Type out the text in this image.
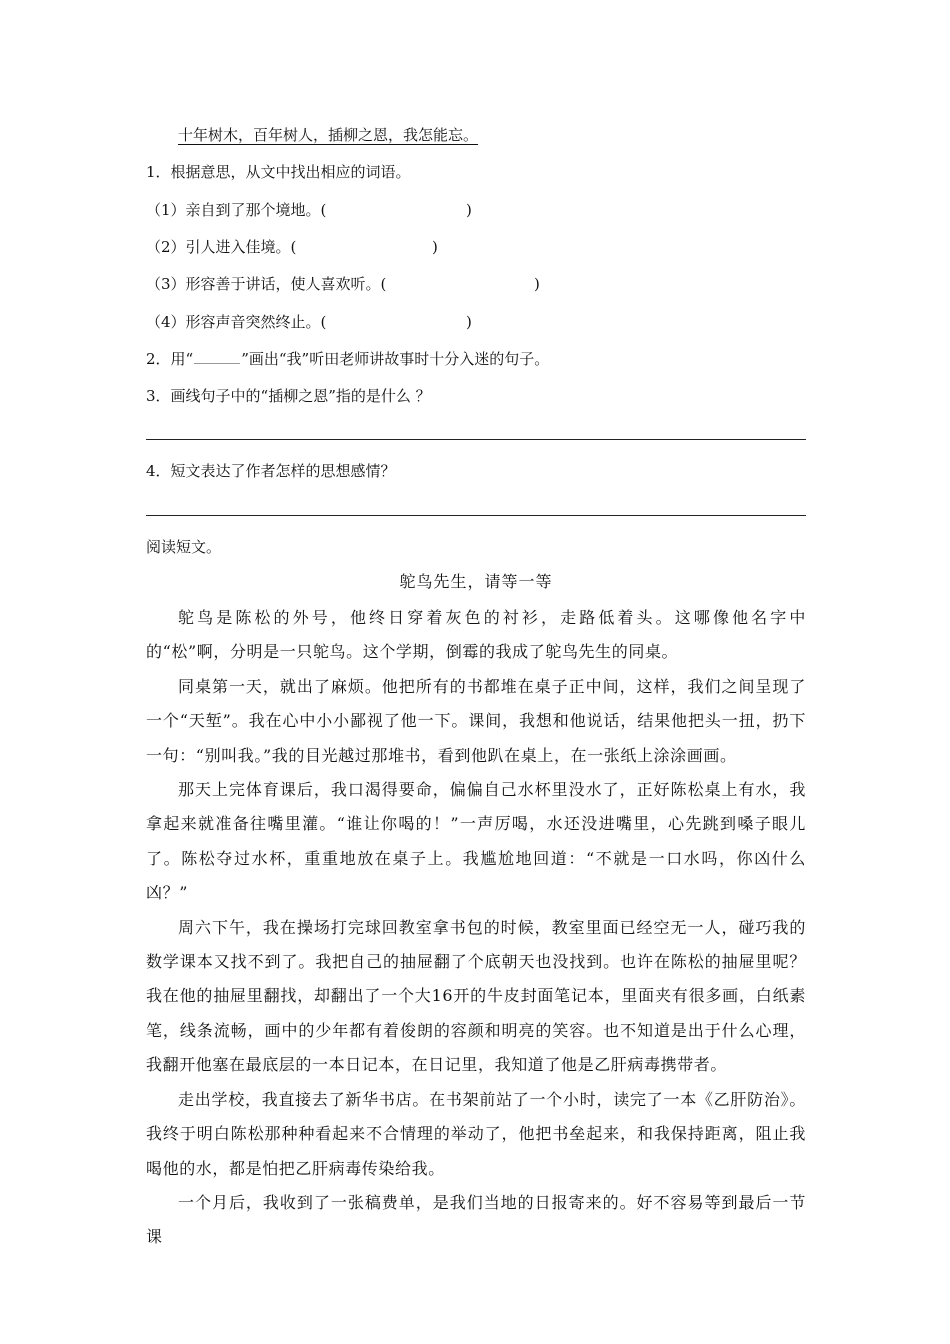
十年树木，百年树人，插柳之恩，我怎能忘。
1．根据意思，从文中找出相应的词语。
（1）亲自到了那个境地。(	)
（2）引人进入佳境。(	)
（3）形容善于讲话，使人喜欢听。(	)
（4）形容声音突然终止。(	)
2．用“	”画出“我”听田老师讲故事时十分入迷的句子。
3．画线句子中的“插柳之恩”指的是什么 ？
4．短文表达了作者怎样的思想感情？
阅读短文。
鸵鸟先生，请等一等

鸵鸟是陈松的外号，他终日穿着灰色的衬衫，走路低着头。这哪像他名字中的“松”啊，分明是一只鸵鸟。这个学期，倒霉的我成了鸵鸟先生的同桌。

同桌第一天，就出了麻烦。他把所有的书都堆在桌子正中间，这样，我们之间呈现了一个“天堑”。我在心中小小鄙视了他一下。课间，我想和他说话，结果他把头一扭，扔下一句：“别叫我。”我的目光越过那堆书，看到他趴在桌上，在一张纸上涂涂画画。

那天上完体育课后，我口渴得要命，偏偏自己水杯里没水了，正好陈松桌上有水，我拿起来就准备往嘴里灌。“谁让你喝的！”一声厉喝，水还没进嘴里，心先跳到嗓子眼儿了。陈松夺过水杯，重重地放在桌子上。我尴尬地回道：“不就是一口水吗，你凶什么凶？”

周六下午，我在操场打完球回教室拿书包的时候，教室里面已经空无一人，碰巧我的数学课本又找不到了。我把自己的抽屉翻了个底朝天也没找到。也许在陈松的抽屉里呢？我在他的抽屉里翻找，却翻出了一个大16开的牛皮封面笔记本，里面夹有很多画，白纸素笔，线条流畅，画中的少年都有着俊朗的容颜和明亮的笑容。也不知道是出于什么心理，我翻开他塞在最底层的一本日记本，在日记里，我知道了他是乙肝病毒携带者。

走出学校，我直接去了新华书店。在书架前站了一个小时，读完了一本《乙肝防治》。我终于明白陈松那种种看起来不合情理的举动了，他把书垒起来，和我保持距离，阻止我喝他的水，都是怕把乙肝病毒传染给我。

一个月后，我收到了一张稿费单，是我们当地的日报寄来的。好不容易等到最后一节课
